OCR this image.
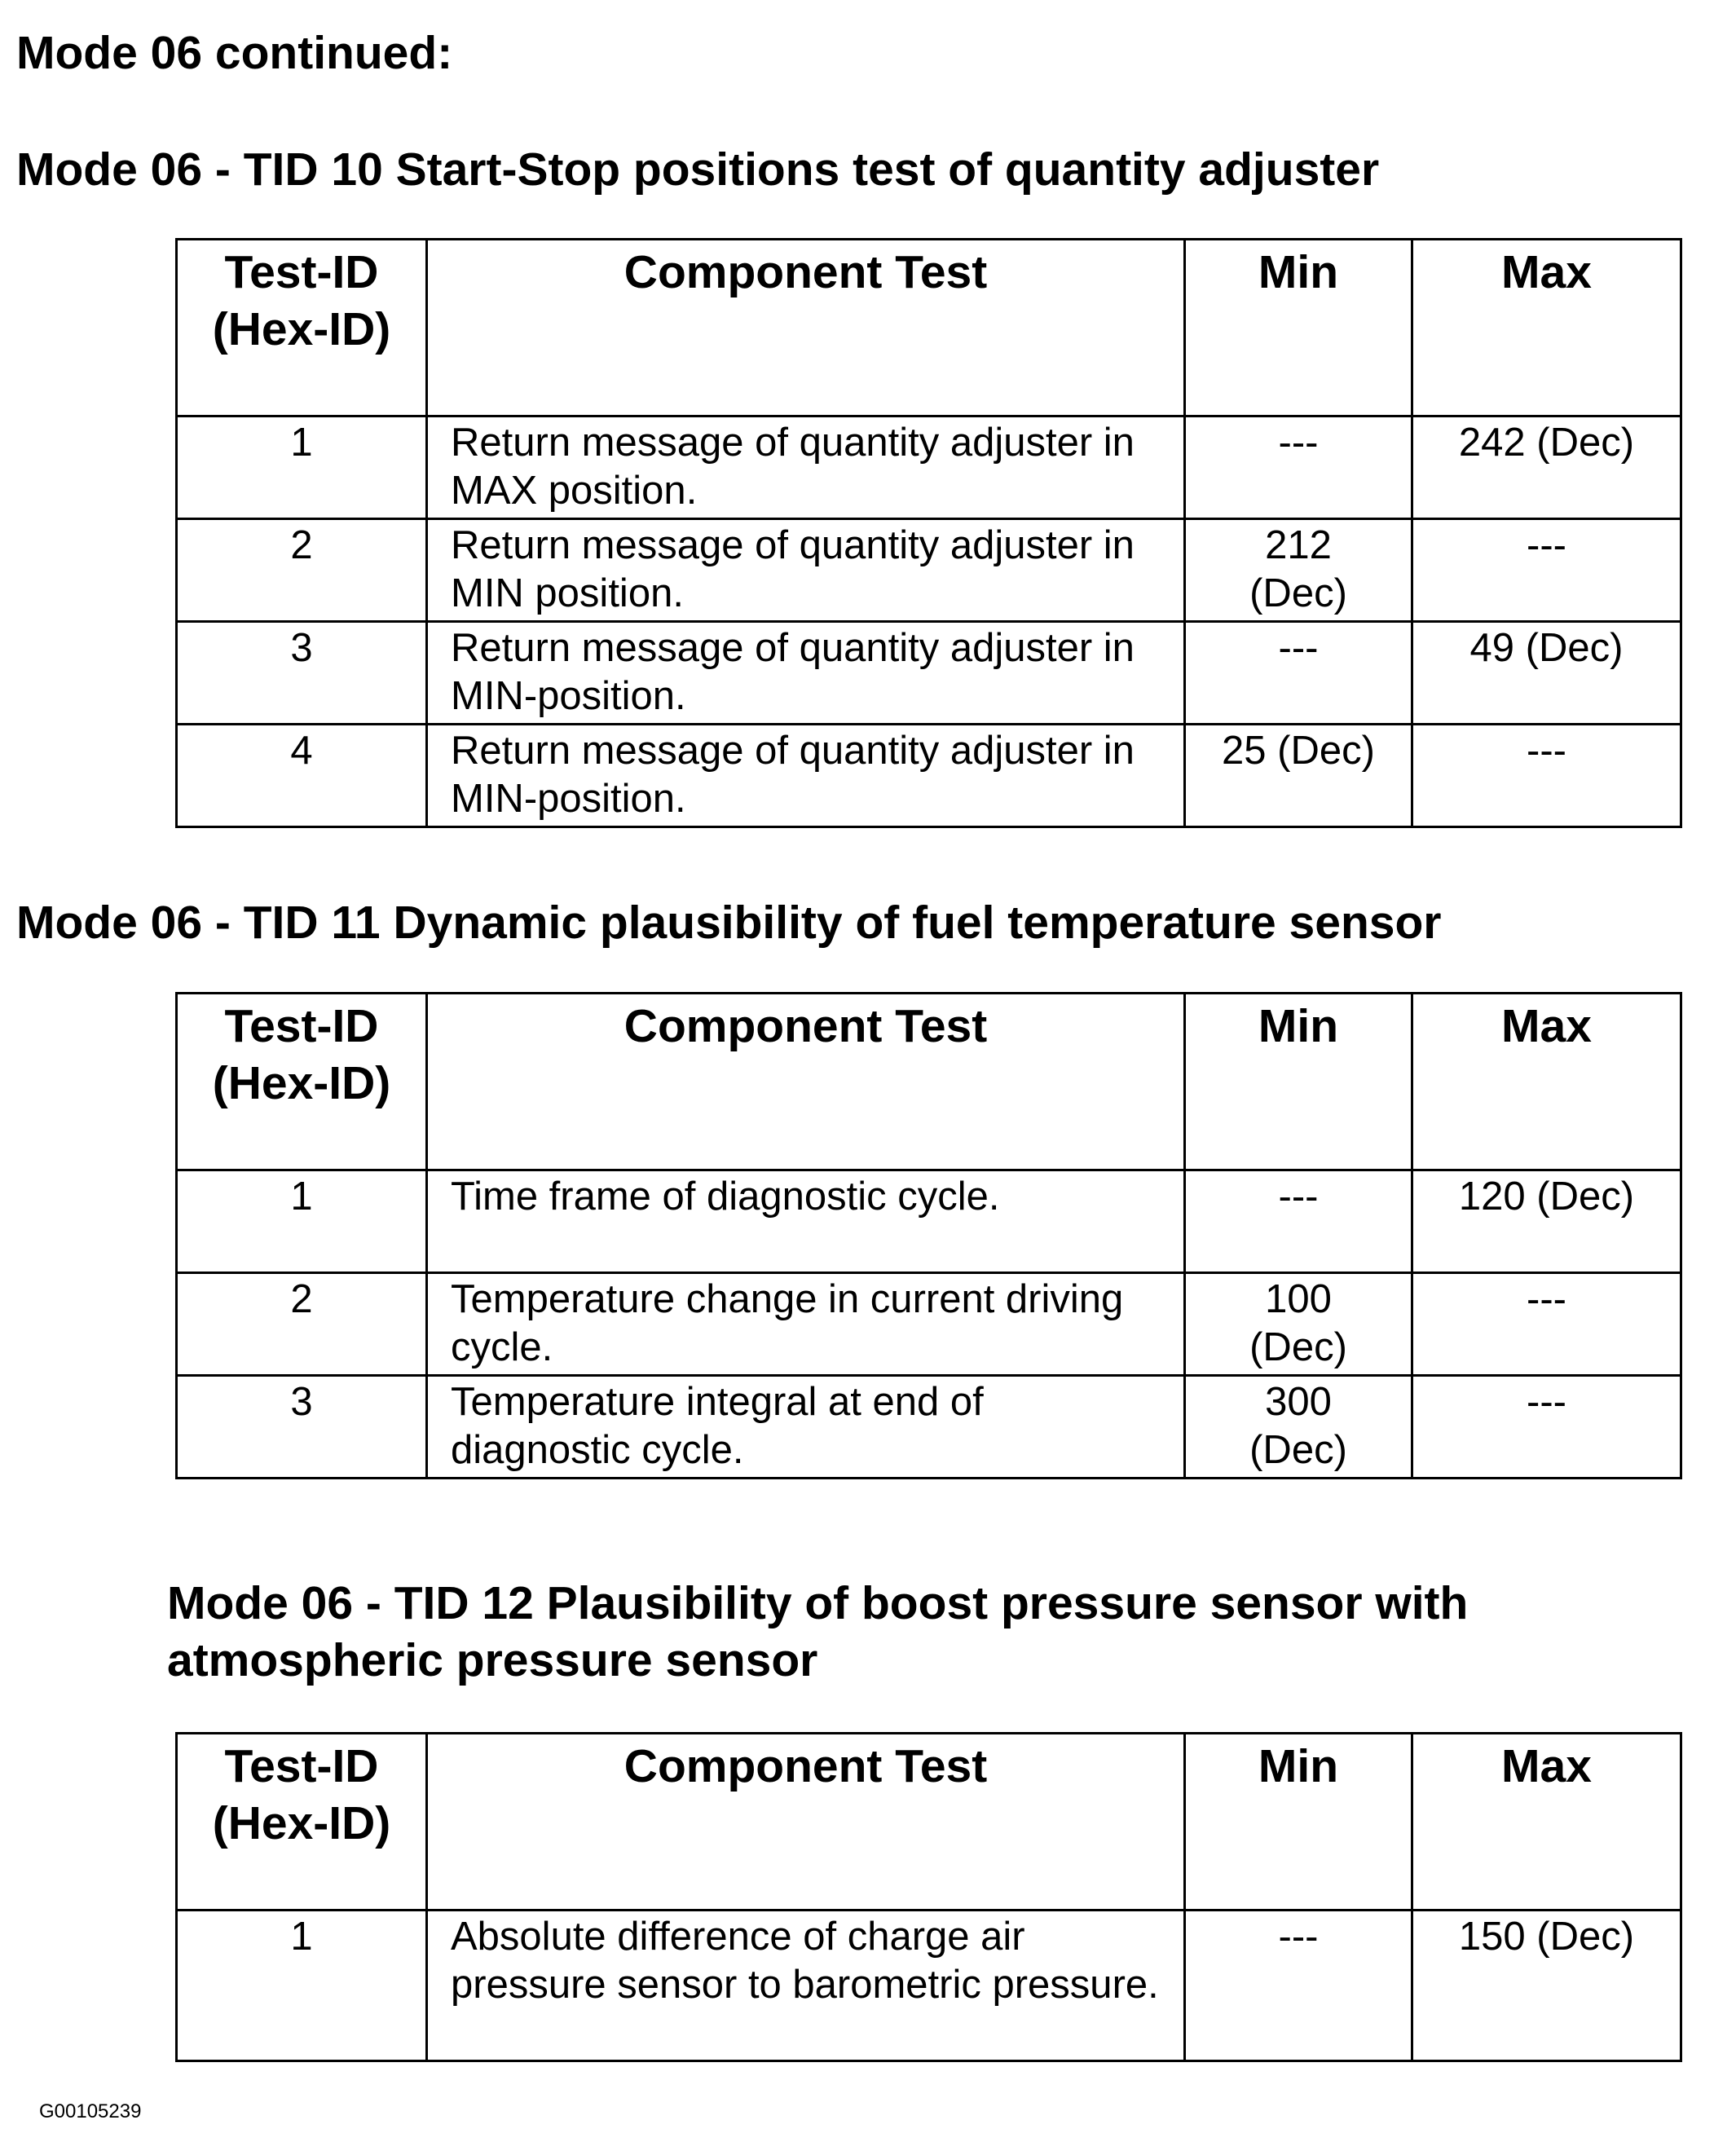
Mode 06 continued:
Mode 06 - TID 10 Start-Stop positions test of quantity adjuster
Test-ID
(Hex-ID)	Component Test	Min	Max
1	Return message of quantity adjuster in MAX position.	---	242 (Dec)
2	Return message of quantity adjuster in MIN position.	212 (Dec)	---
3	Return message of quantity adjuster in MIN-position.	---	49 (Dec)
4	Return message of quantity adjuster in MIN-position.	25 (Dec)	---
Mode 06 - TID 11 Dynamic plausibility of fuel temperature sensor
Test-ID
(Hex-ID)	Component Test	Min	Max
1	Time frame of diagnostic cycle.	---	120 (Dec)
2	Temperature change in current driving cycle.	100 (Dec)	---
3	Temperature integral at end of diagnostic cycle.	300 (Dec)	---
Mode 06 - TID 12 Plausibility of boost pressure sensor with atmospheric pressure sensor
Test-ID
(Hex-ID)	Component Test	Min	Max
1	Absolute difference of charge air pressure sensor to barometric pressure.	---	150 (Dec)
G00105239
